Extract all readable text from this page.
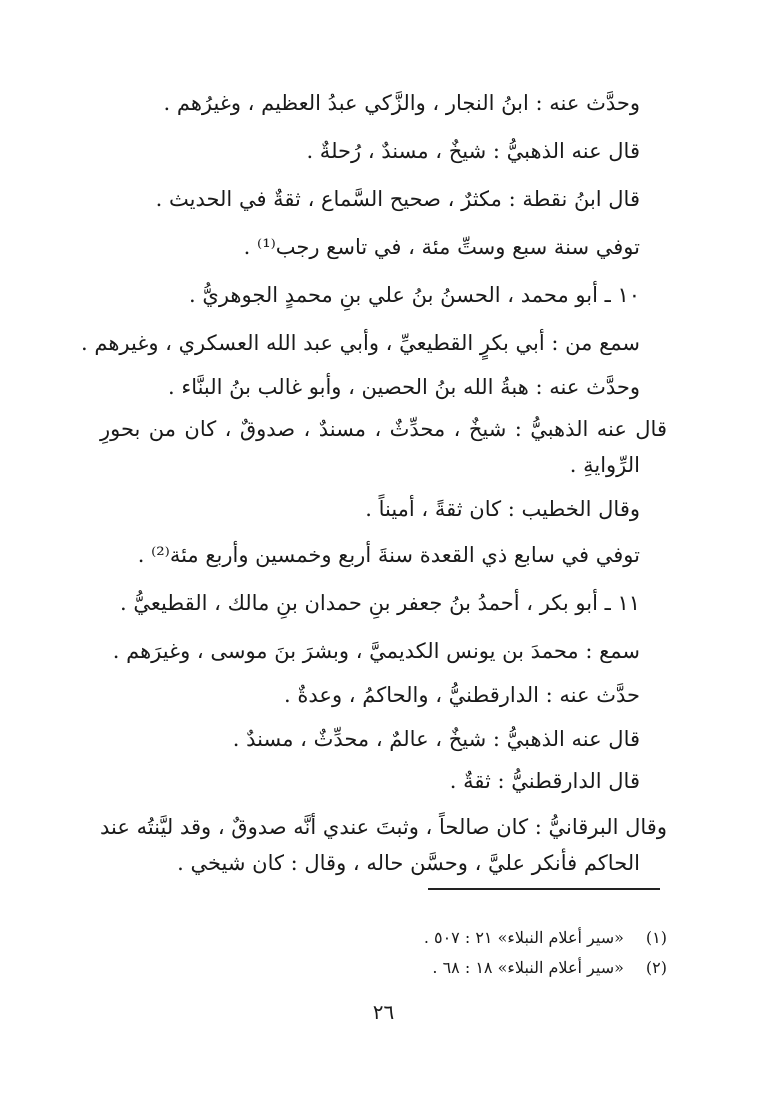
وحدَّث عنه : ابنُ النجار ، والزَّكي عبدُ العظيم ، وغيرُهم .
قال عنه الذهبيُّ : شيخٌ ، مسندٌ ، رُحلةٌ .
قال ابنُ نقطة : مكثرٌ ، صحيح السَّماع ، ثقةٌ في الحديث .
توفي سنة سبع وستِّ مئة ، في تاسع رجب⁽¹⁾ .
١٠ ـ أبو محمد ، الحسنُ بنُ علي بنِ محمدٍ الجوهريُّ .
سمع من : أبي بكرٍ القطيعيِّ ، وأبي عبد الله العسكري ، وغيرهم .
وحدَّث عنه : هبةُ الله بنُ الحصين ، وأبو غالب بنُ البنَّاء .
قال عنه الذهبيُّ : شيخٌ ، محدِّثٌ ، مسندٌ ، صدوقٌ ، كان من بحورِ
الرِّوايةِ .
وقال الخطيب : كان ثقةً ، أميناً .
توفي في سابع ذي القعدة سنةَ أربع وخمسين وأربع مئة⁽²⁾ .
١١ ـ أبو بكر ، أحمدُ بنُ جعفر بنِ حمدان بنِ مالك ، القطيعيُّ .
سمع : محمدَ بن يونس الكديميَّ ، وبشرَ بنَ موسى ، وغيرَهم .
حدَّث عنه : الدارقطنيُّ ، والحاكمُ ، وعدةٌ .
قال عنه الذهبيُّ : شيخٌ ، عالمٌ ، محدِّثٌ ، مسندٌ .
قال الدارقطنيُّ : ثقةٌ .
وقال البرقانيُّ : كان صالحاً ، وثبتَ عندي أنَّه صدوقٌ ، وقد ليَّنتُه عند
الحاكم فأنكر عليَّ ، وحسَّن حاله ، وقال : كان شيخي .
(١) «سير أعلام النبلاء» ٢١ : ٥٠٧ .
(٢) «سير أعلام النبلاء» ١٨ : ٦٨ .
٢٦
